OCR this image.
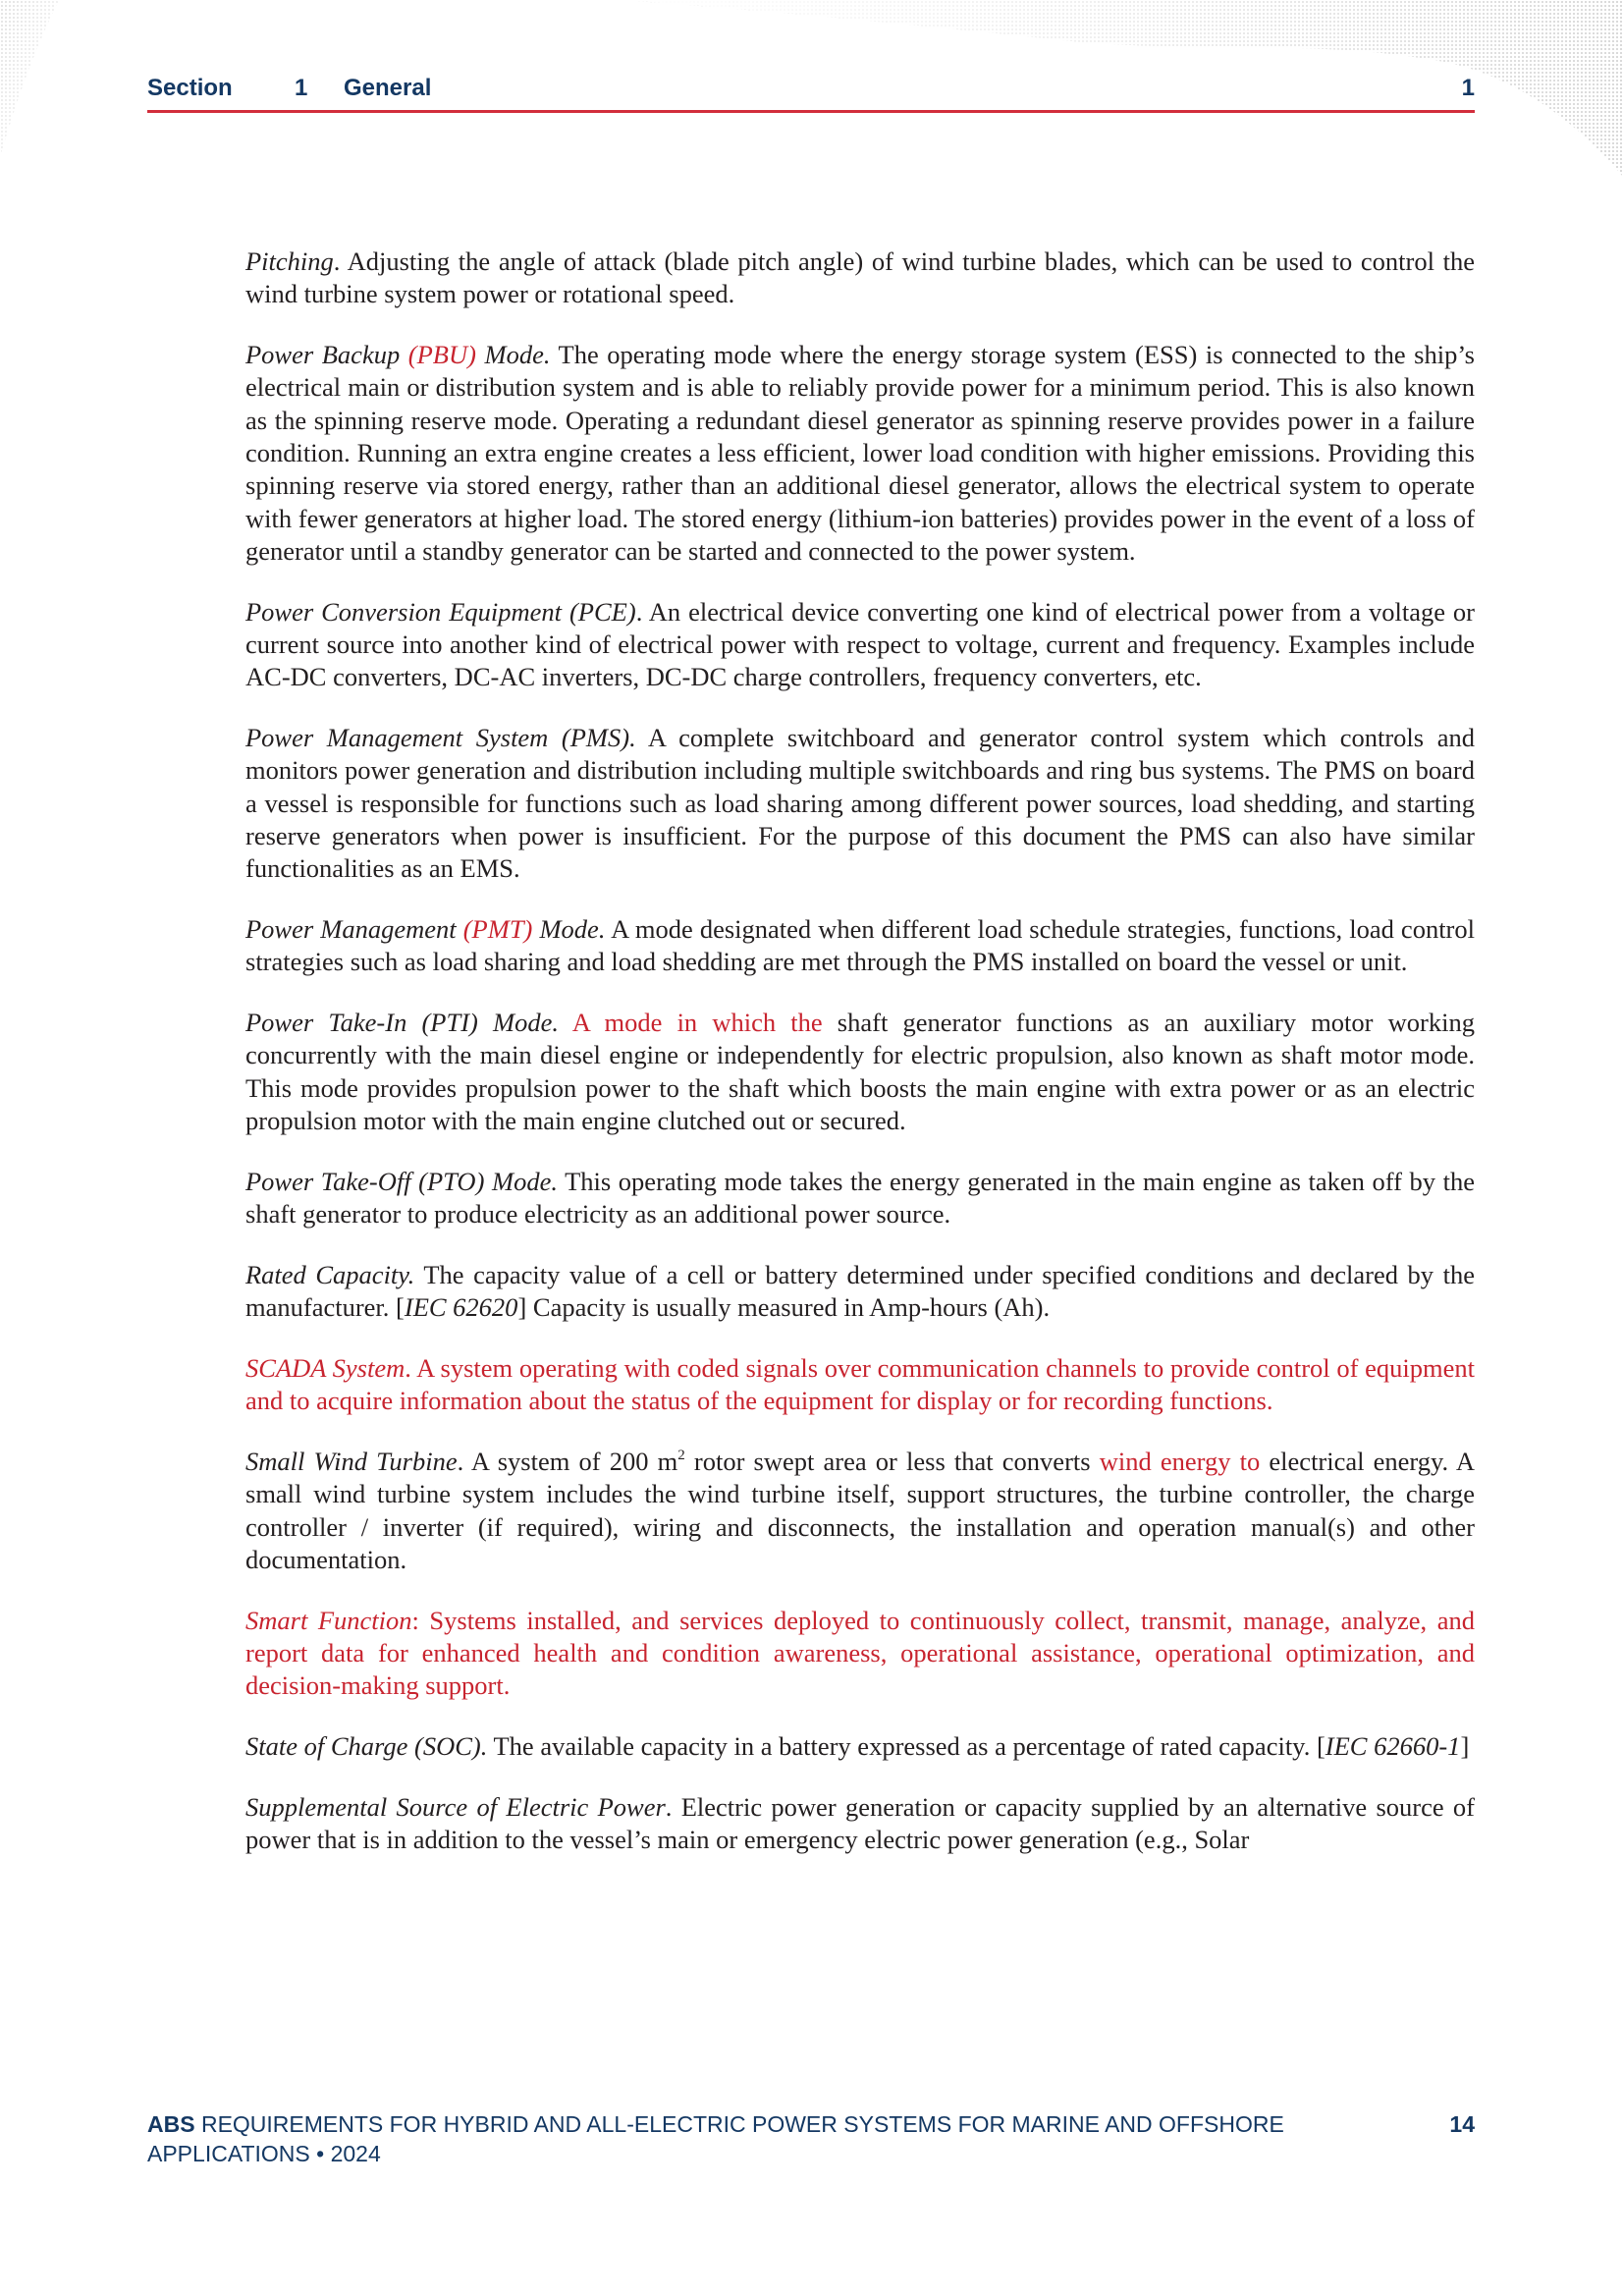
Section	1 General	1

Pitching. Adjusting the angle of attack (blade pitch angle) of wind turbine blades, which can be used to control the wind turbine system power or rotational speed.

Power Backup (PBU) Mode. The operating mode where the energy storage system (ESS) is connected to the ship’s electrical main or distribution system and is able to reliably provide power for a minimum period. This is also known as the spinning reserve mode. Operating a redundant diesel generator as spinning reserve provides power in a failure condition. Running an extra engine creates a less efficient, lower load condition with higher emissions. Providing this spinning reserve via stored energy, rather than an additional diesel generator, allows the electrical system to operate with fewer generators at higher load. The stored energy (lithium-ion batteries) provides power in the event of a loss of generator until a standby generator can be started and connected to the power system.

Power Conversion Equipment (PCE). An electrical device converting one kind of electrical power from a voltage or current source into another kind of electrical power with respect to voltage, current and frequency. Examples include AC-DC converters, DC-AC inverters, DC-DC charge controllers, frequency converters, etc.

Power Management System (PMS). A complete switchboard and generator control system which controls and monitors power generation and distribution including multiple switchboards and ring bus systems. The PMS on board a vessel is responsible for functions such as load sharing among different power sources, load shedding, and starting reserve generators when power is insufficient. For the purpose of this document the PMS can also have similar functionalities as an EMS.

Power Management (PMT) Mode. A mode designated when different load schedule strategies, functions, load control strategies such as load sharing and load shedding are met through the PMS installed on board the vessel or unit.

Power Take-In (PTI) Mode. A mode in which the shaft generator functions as an auxiliary motor working concurrently with the main diesel engine or independently for electric propulsion, also known as shaft motor mode. This mode provides propulsion power to the shaft which boosts the main engine with extra power or as an electric propulsion motor with the main engine clutched out or secured.

Power Take-Off (PTO) Mode. This operating mode takes the energy generated in the main engine as taken off by the shaft generator to produce electricity as an additional power source.

Rated Capacity. The capacity value of a cell or battery determined under specified conditions and declared by the manufacturer. [IEC 62620] Capacity is usually measured in Amp-hours (Ah).

SCADA System. A system operating with coded signals over communication channels to provide control of equipment and to acquire information about the status of the equipment for display or for recording functions.

Small Wind Turbine. A system of 200 $m^2$ rotor swept area or less that converts wind energy to electrical energy. A small wind turbine system includes the wind turbine itself, support structures, the turbine controller, the charge controller / inverter (if required), wiring and disconnects, the installation and operation manual(s) and other documentation.

Smart Function: Systems installed, and services deployed to continuously collect, transmit, manage, analyze, and report data for enhanced health and condition awareness, operational assistance, operational optimization, and decision-making support.

State of Charge (SOC). The available capacity in a battery expressed as a percentage of rated capacity. [IEC 62660-1]

Supplemental Source of Electric Power. Electric power generation or capacity supplied by an alternative source of power that is in addition to the vessel’s main or emergency electric power generation (e.g., Solar

ABS REQUIREMENTS FOR HYBRID AND ALL-ELECTRIC POWER SYSTEMS FOR MARINE AND OFFSHORE APPLICATIONS • 2024
14
